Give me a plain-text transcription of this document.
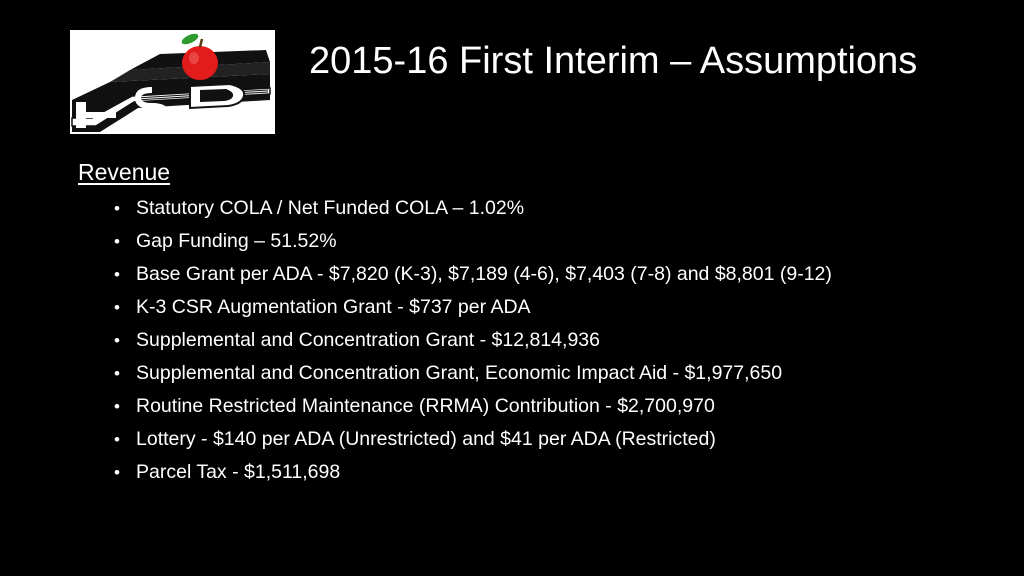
2015-16 First Interim – Assumptions
Revenue
• Statutory COLA / Net Funded COLA – 1.02%
• Gap Funding – 51.52%
• Base Grant per ADA - $7,820 (K-3), $7,189 (4-6), $7,403 (7-8) and $8,801 (9-12)
• K-3 CSR Augmentation Grant - $737 per ADA
• Supplemental and Concentration Grant - $12,814,936
• Supplemental and Concentration Grant, Economic Impact Aid - $1,977,650
• Routine Restricted Maintenance (RRMA) Contribution - $2,700,970
• Lottery - $140 per ADA (Unrestricted) and $41 per ADA (Restricted)
• Parcel Tax - $1,511,698
